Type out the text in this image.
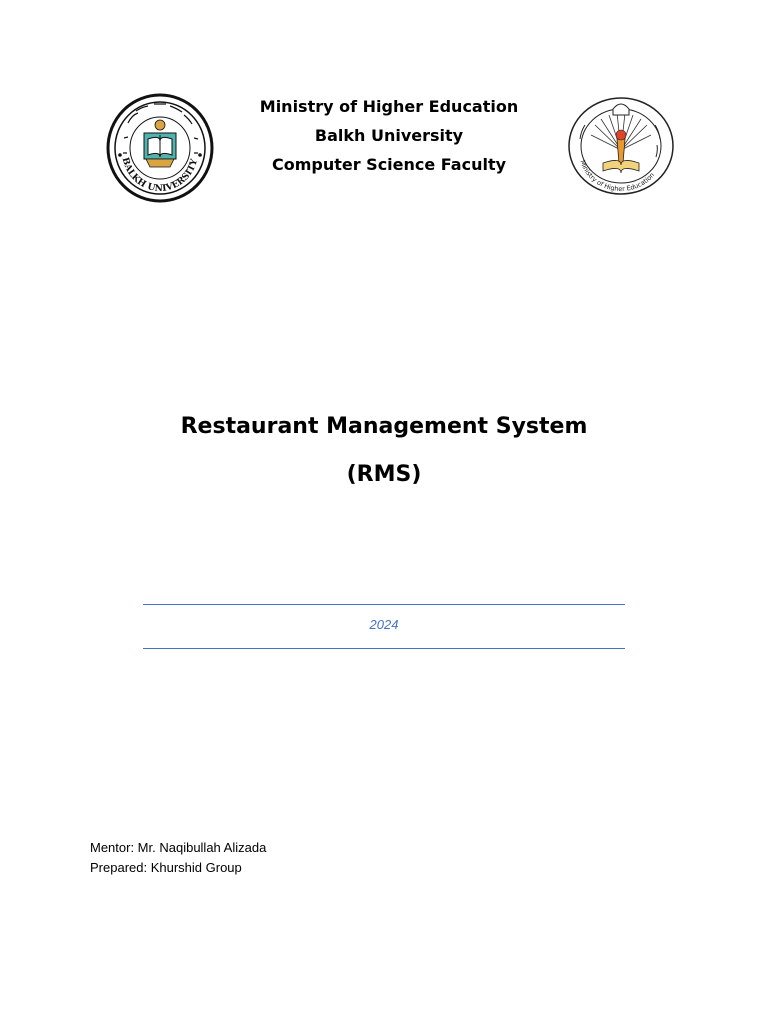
BALKH UNIVERSITY
Ministry of Higher Education
Balkh University
Computer Science Faculty	Ministry of Higher Education
Restaurant Management System
(RMS)
2024
Mentor: Mr. Naqibullah Alizada
Prepared: Khurshid Group
